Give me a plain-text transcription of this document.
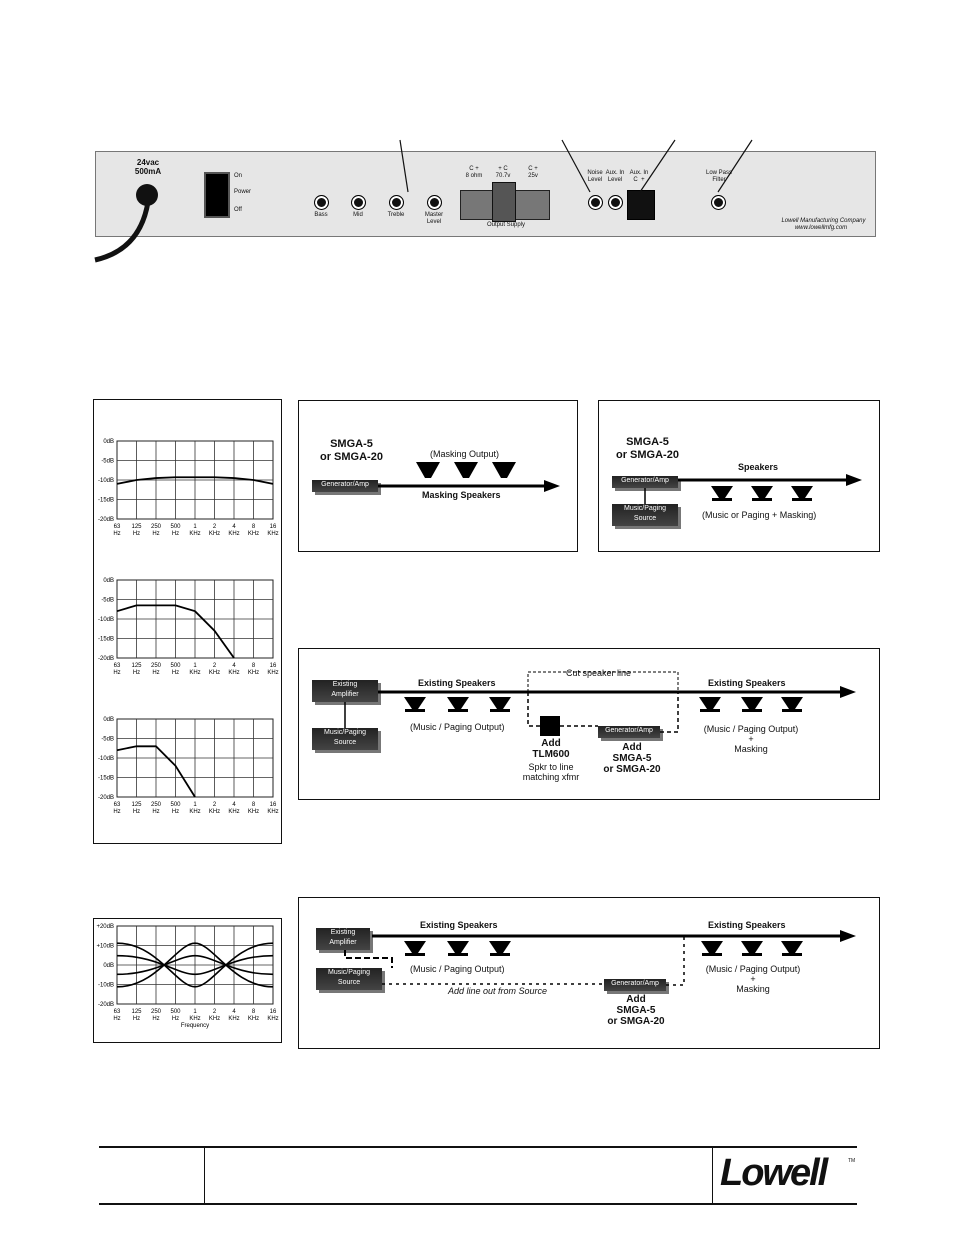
24vac
500mA	On
Power
Off
Bass	Mid	Treble	Master
Level
C +
8 ohm
+ C
70.7v
C +
25v
Output Supply
Noise
Level
Aux. In
Level
Aux. In
C  +
Low Pass
Filter
Lowell Manufacturing Company
www.lowellmfg.com
0dB
-5dB
-10dB
-15dB
-20dB
63
Hz
125
Hz
250
Hz
500
Hz
1
KHz
2
KHz
4
KHz
8
KHz
16
KHz
0dB
-5dB
-10dB
-15dB
-20dB
63
Hz
125
Hz
250
Hz
500
Hz
1
KHz
2
KHz
4
KHz
8
KHz
16
KHz
0dB
-5dB
-10dB
-15dB
-20dB
63
Hz
125
Hz
250
Hz
500
Hz
1
KHz
2
KHz
4
KHz
8
KHz
16
KHz
+20dB
+10dB
0dB
-10dB
-20dB
63
Hz
125
Hz
250
Hz
500
Hz
1
KHz
2
KHz
4
KHz
8
KHz
16
KHz
Frequency
SMGA-5
or SMGA-20
Generator/Amp
(Masking Output)
Masking Speakers
SMGA-5
or SMGA-20
Generator/Amp
Music/Paging Source
Speakers
(Music or Paging + Masking)
Existing
Amplifier
Music/Paging
Source
Existing Speakers	Existing Speakers
Cut speaker line
(Music / Paging Output)
Add
TLM600
Spkr to line
matching xfmr
Generator/Amp
Add
SMGA-5
or SMGA-20
(Music / Paging Output)
+
Masking
Existing
Amplifier
Music/Paging
Source
Existing Speakers	Existing Speakers
(Music / Paging Output)
Add line out from Source
Generator/Amp
Add
SMGA-5
or SMGA-20
(Music / Paging Output)
+
Masking
Lowell	TM
